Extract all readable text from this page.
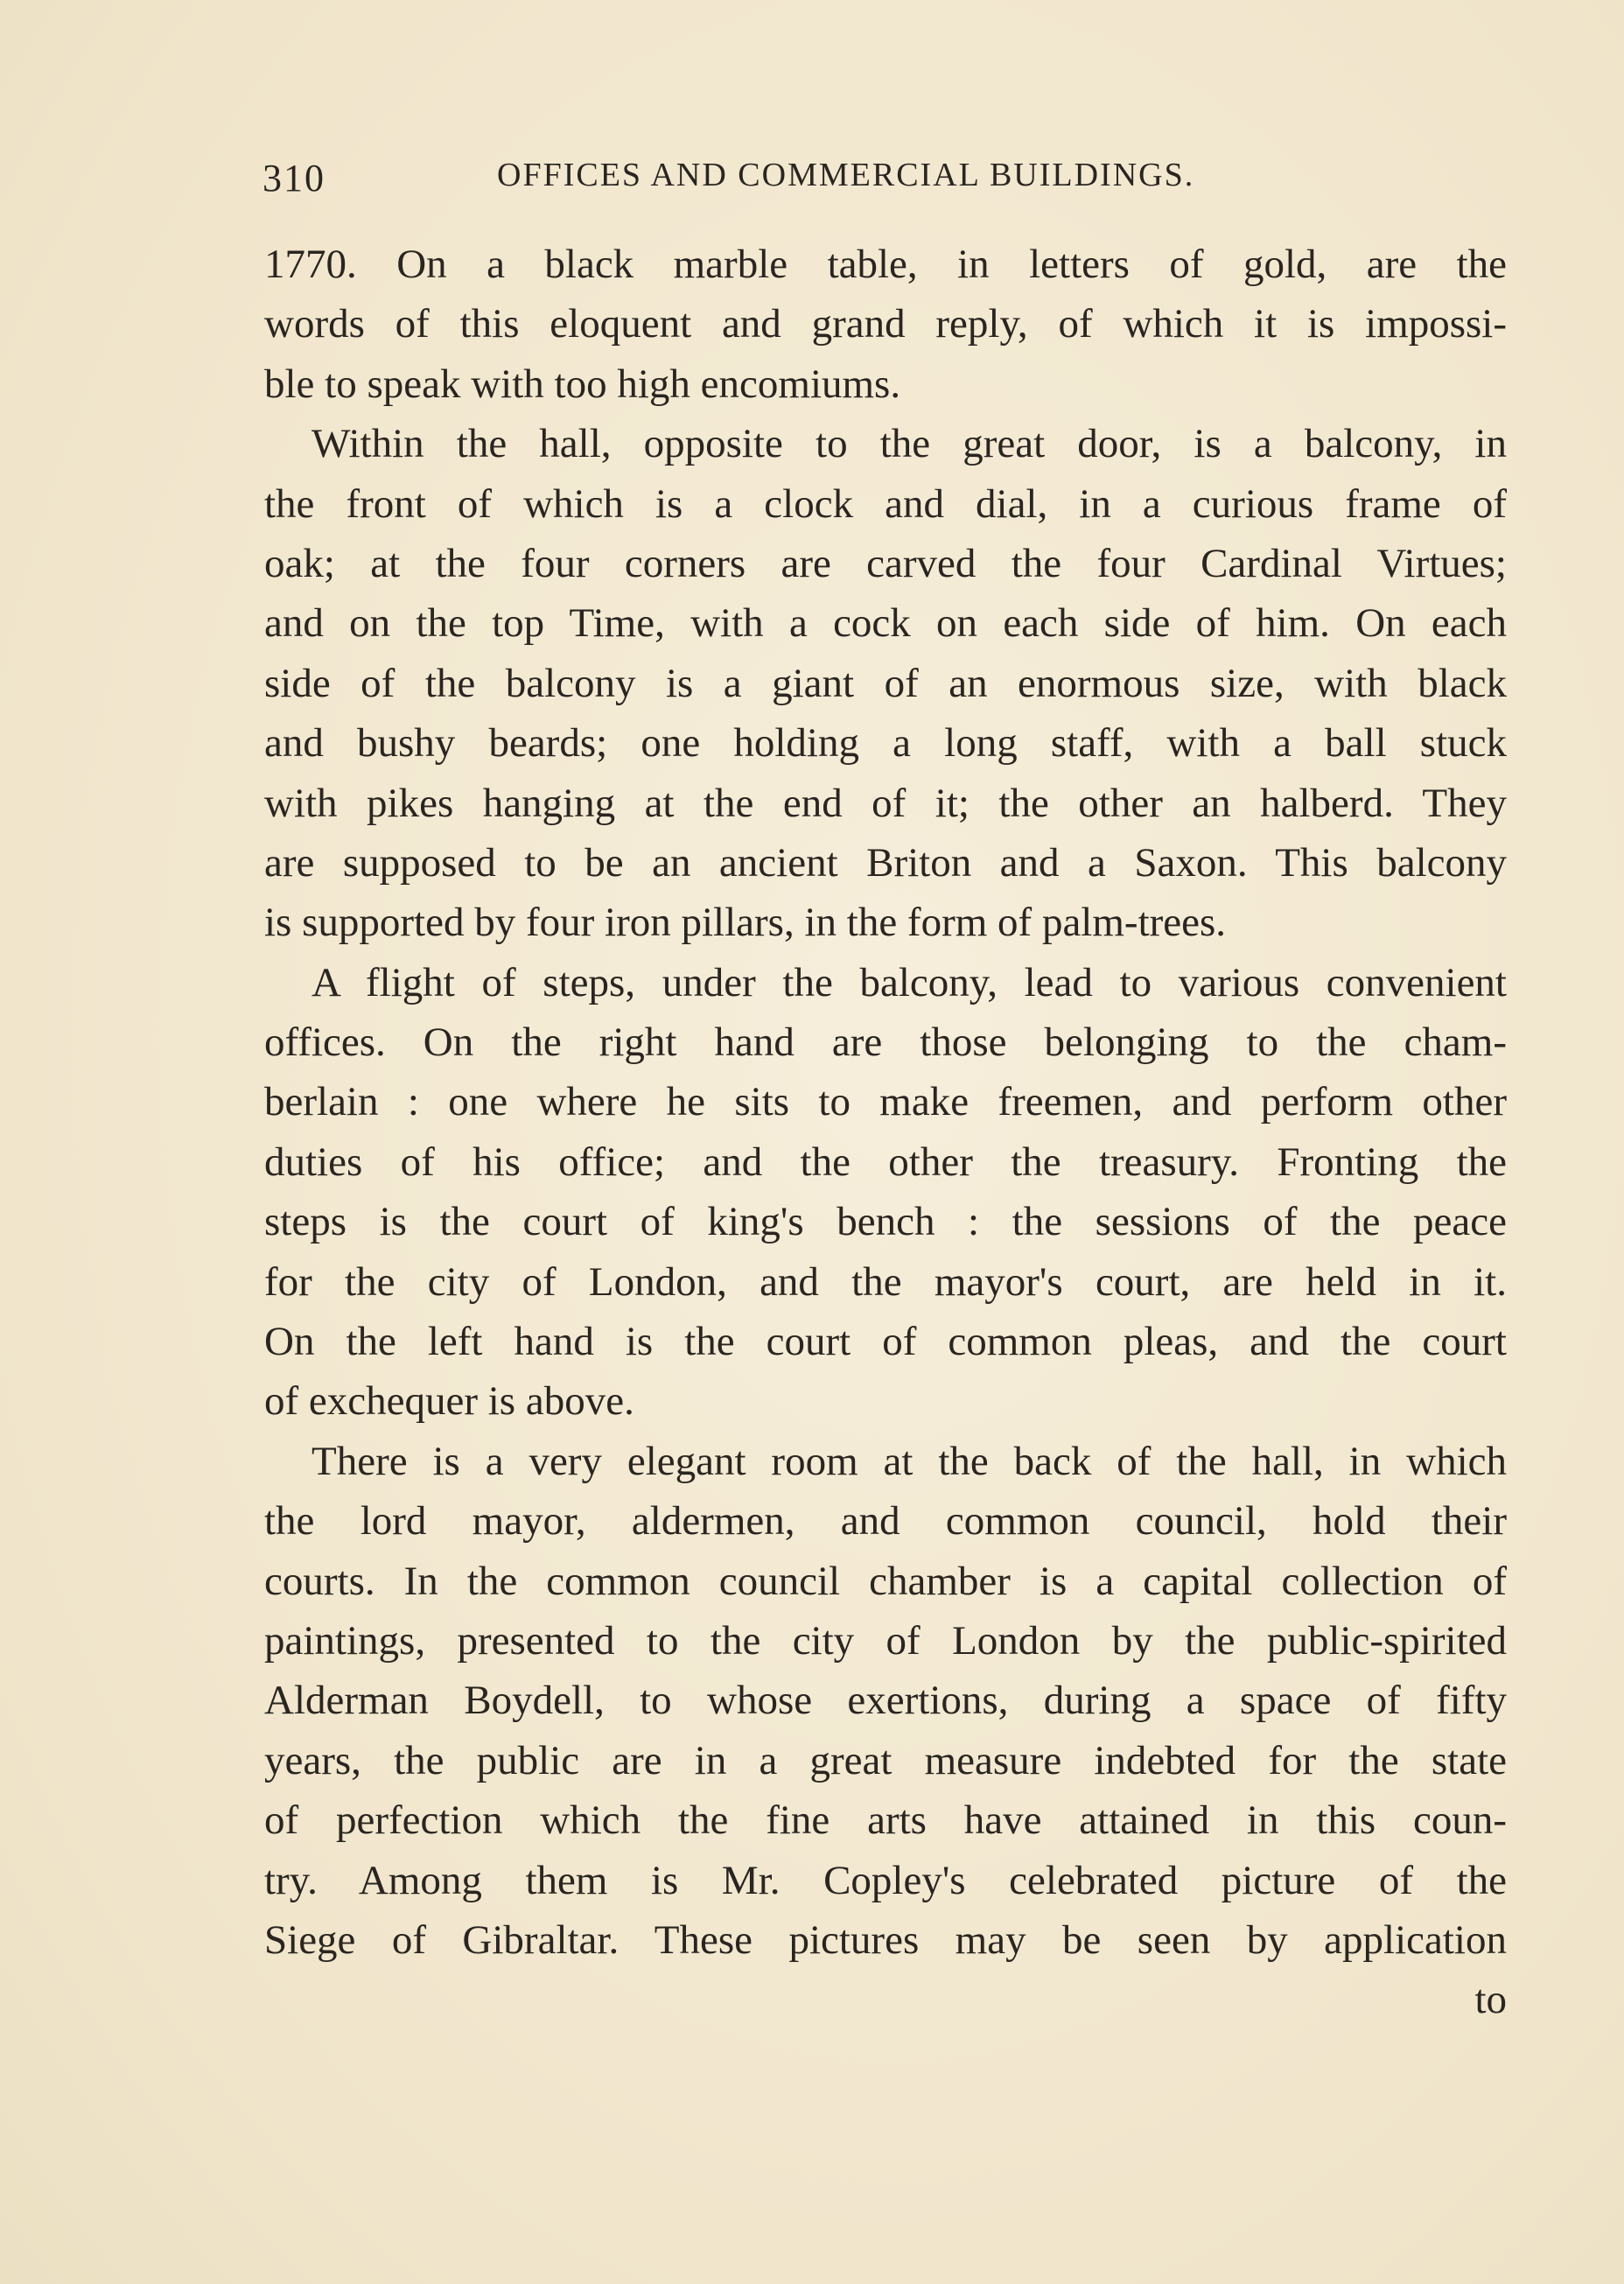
310	OFFICES AND COMMERCIAL BUILDINGS.
1770. On a black marble table, in letters of gold, are the
words of this eloquent and grand reply, of which it is impossi-
ble to speak with too high encomiums.
Within the hall, opposite to the great door, is a balcony, in
the front of which is a clock and dial, in a curious frame of
oak; at the four corners are carved the four Cardinal Virtues;
and on the top Time, with a cock on each side of him. On each
side of the balcony is a giant of an enormous size, with black
and bushy beards; one holding a long staff, with a ball stuck
with pikes hanging at the end of it; the other an halberd. They
are supposed to be an ancient Briton and a Saxon. This balcony
is supported by four iron pillars, in the form of palm-trees.
A flight of steps, under the balcony, lead to various convenient
offices. On the right hand are those belonging to the cham-
berlain : one where he sits to make freemen, and perform other
duties of his office; and the other the treasury. Fronting the
steps is the court of king's bench : the sessions of the peace
for the city of London, and the mayor's court, are held in it.
On the left hand is the court of common pleas, and the court
of exchequer is above.
There is a very elegant room at the back of the hall, in which
the lord mayor, aldermen, and common council, hold their
courts. In the common council chamber is a capital collection of
paintings, presented to the city of London by the public-spirited
Alderman Boydell, to whose exertions, during a space of fifty
years, the public are in a great measure indebted for the state
of perfection which the fine arts have attained in this coun-
try. Among them is Mr. Copley's celebrated picture of the
Siege of Gibraltar. These pictures may be seen by application
to
